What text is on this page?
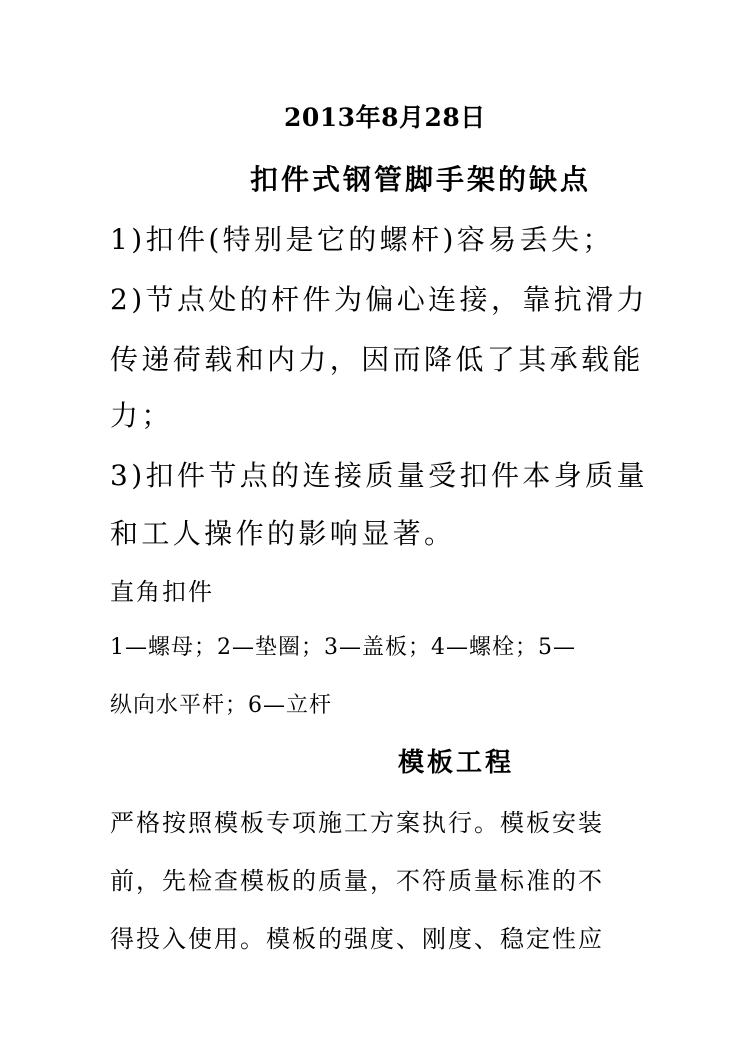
2013年8月28日
扣件式钢管脚手架的缺点
1)扣件(特别是它的螺杆)容易丢失；
2)节点处的杆件为偏心连接，靠抗滑力
传递荷载和内力，因而降低了其承载能
力；
3)扣件节点的连接质量受扣件本身质量
和工人操作的影响显著。
直角扣件
1—螺母；2—垫圈；3—盖板；4—螺栓；5—
纵向水平杆；6—立杆
模板工程
严格按照模板专项施工方案执行。模板安装
前，先检查模板的质量，不符质量标准的不
得投入使用。模板的强度、刚度、稳定性应
